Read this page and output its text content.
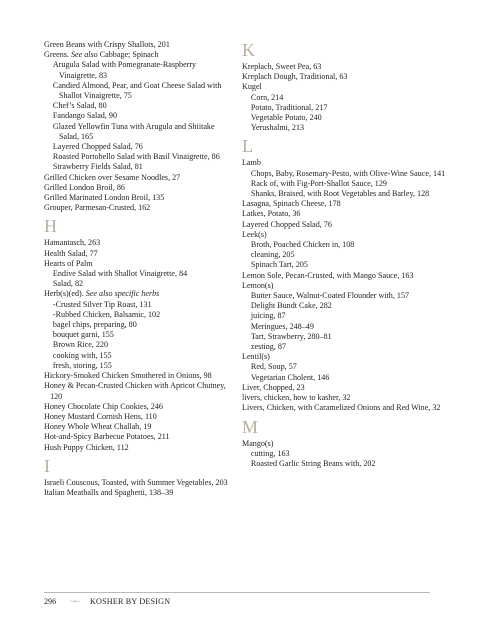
Green Beans with Crispy Shallots, 201
Greens. See also Cabbage; Spinach
Arugula Salad with Pomegranate-Raspberry Vinaigrette, 83
Candied Almond, Pear, and Goat Cheese Salad with Shallot Vinaigrette, 75
Chef’s Salad, 80
Fandango Salad, 90
Glazed Yellowfin Tuna with Arugula and Shiitake Salad, 165
Layered Chopped Salad, 76
Roasted Portobello Salad with Basil Vinaigrette, 86
Strawberry Fields Salad, 81
Grilled Chicken over Sesame Noodles, 27
Grilled London Broil, 86
Grilled Marinated London Broil, 135
Grouper, Parmesan-Crusted, 162
H
Hamantasch, 263
Health Salad, 77
Hearts of Palm
Endive Salad with Shallot Vinaigrette, 84
Salad, 82
Herb(s)(ed). See also specific herbs
-Crusted Silver Tip Roast, 131
-Rubbed Chicken, Balsamic, 102
bagel chips, preparing, 80
bouquet garni, 155
Brown Rice, 220
cooking with, 155
fresh, storing, 155
Hickory-Smoked Chicken Smothered in Onions, 98
Honey & Pecan-Crusted Chicken with Apricot Chutney, 120
Honey Chocolate Chip Cookies, 246
Honey Mustard Cornish Hens, 110
Honey Whole Wheat Challah, 19
Hot-and-Spicy Barbecue Potatoes, 211
Hush Puppy Chicken, 112
I
Israeli Couscous, Toasted, with Summer Vegetables, 203
Italian Meatballs and Spaghetti, 138–39
K
Kreplach, Sweet Pea, 63
Kreplach Dough, Traditional, 63
Kugel
Corn, 214
Potato, Traditional, 217
Vegetable Potato, 240
Yerushalmi, 213
L
Lamb
Chops, Baby, Rosemary-Pesto, with Olive-Wine Sauce, 141
Rack of, with Fig-Port-Shallot Sauce, 129
Shanks, Braised, with Root Vegetables and Barley, 128
Lasagna, Spinach Cheese, 178
Latkes, Potato, 36
Layered Chopped Salad, 76
Leek(s)
Broth, Poached Chicken in, 108
cleaning, 205
Spinach Tart, 205
Lemon Sole, Pecan-Crusted, with Mango Sauce, 163
Lemon(s)
Butter Sauce, Walnut-Coated Flounder with, 157
Delight Bundt Cake, 282
juicing, 87
Meringues, 248–49
Tart, Strawberry, 280–81
zesting, 87
Lentil(s)
Red, Soup, 57
Vegetarian Cholent, 146
Liver, Chopped, 23
livers, chicken, how to kasher, 32
Livers, Chicken, with Caramelized Onions and Red Wine, 32
M
Mango(s)
cutting, 163
Roasted Garlic String Beans with, 202
296	~•~	KOSHER BY DESIGN
